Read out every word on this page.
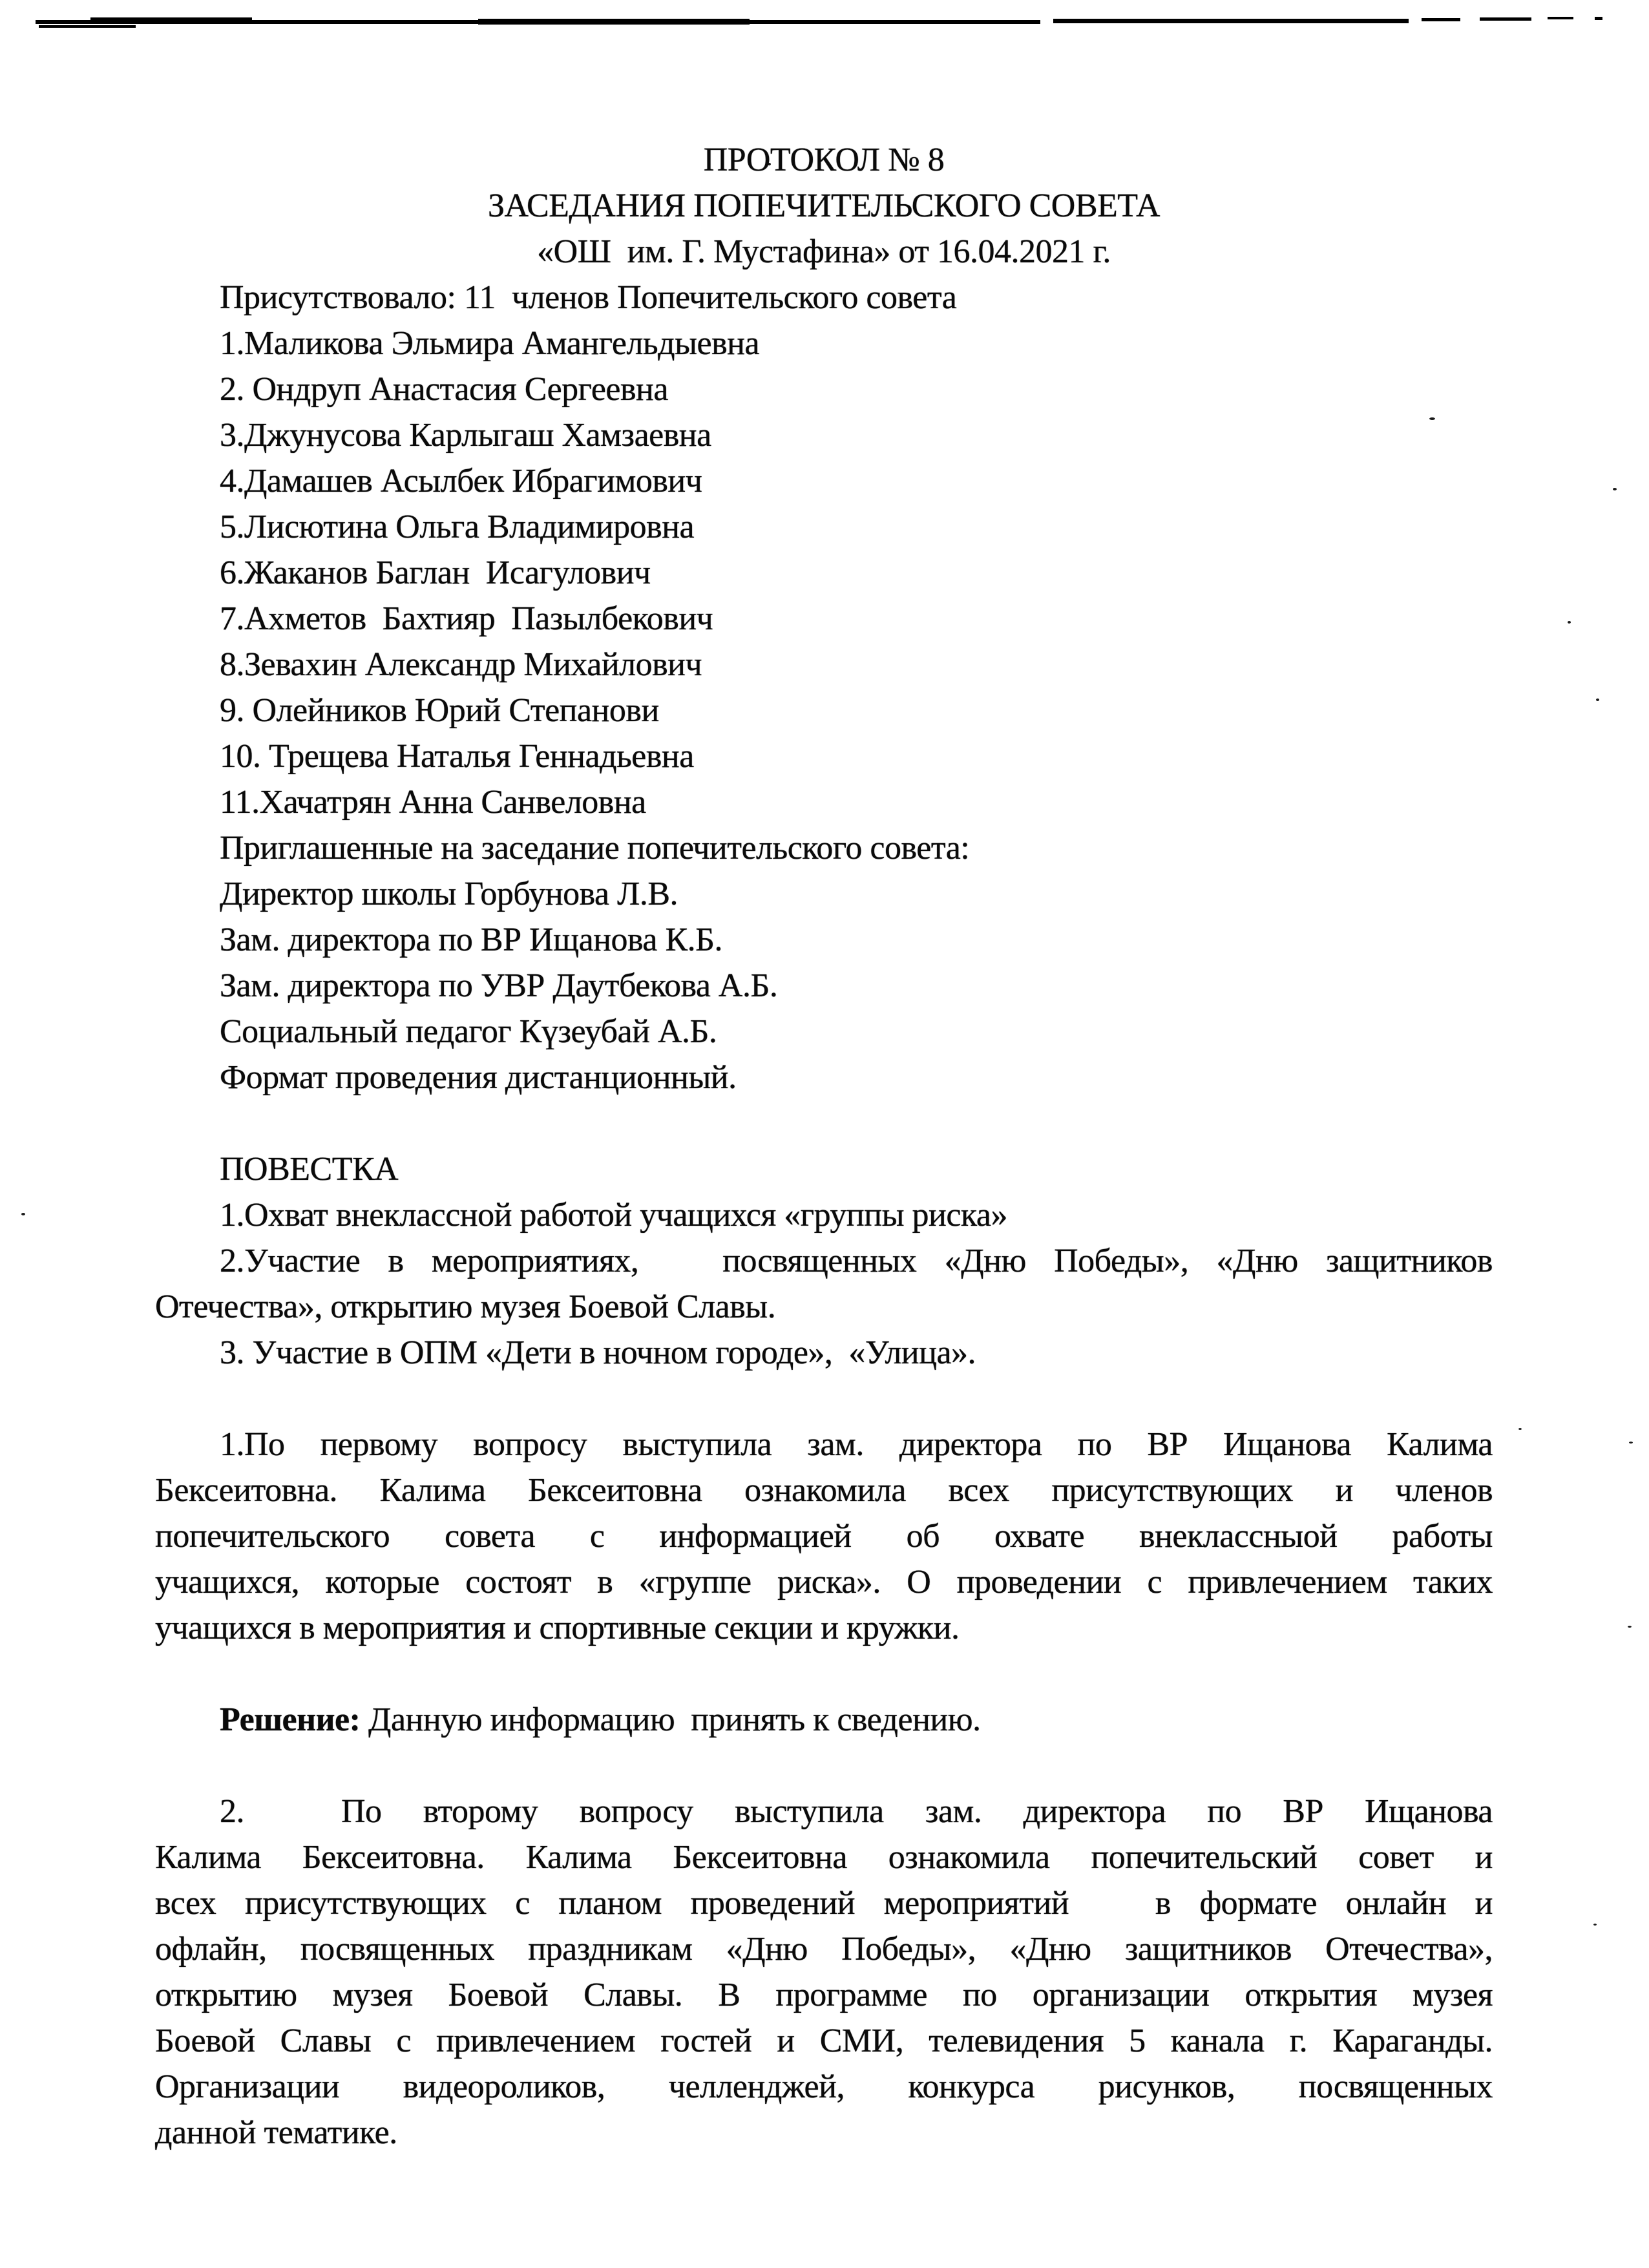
ПРОТОКОЛ № 8
ЗАСЕДАНИЯ ПОПЕЧИТЕЛЬСКОГО СОВЕТА
«ОШ  им. Г. Мустафина» от 16.04.2021 г.
Присутствовало: 11  членов Попечительского совета
1.Маликова Эльмира Амангельдыевна
2. Ондруп Анастасия Сергеевна
3.Джунусова Карлыгаш Хамзаевна
4.Дамашев Асылбек Ибрагимович
5.Лисютина Ольга Владимировна
6.Жаканов Баглан  Исагулович
7.Ахметов  Бахтияр  Пазылбекович
8.Зевахин Александр Михайлович
9. Олейников Юрий Степанови
10. Трещева Наталья Геннадьевна
11.Хачатрян Анна Санвеловна
Приглашенные на заседание попечительского совета:
Директор школы Горбунова Л.В.
Зам. директора по ВР Ищанова К.Б.
Зам. директора по УВР Даутбекова А.Б.
Социальный педагог Күзеубай А.Б.
Формат проведения дистанционный.
ПОВЕСТКА
1.Охват внеклассной работой учащихся «группы риска»
2.Участие в мероприятиях,   посвященных «Дню Победы», «Дню защитников
Отечества», открытию музея Боевой Славы.
3. Участие в ОПМ «Дети в ночном городе»,  «Улица».
1.По первому вопросу выступила зам. директора по ВР Ищанова Калима
Бексеитовна. Калима Бексеитовна ознакомила всех присутствующих и членов
попечительского совета с информацией об охвате внеклассныой работы
учащихся, которые состоят в «группе риска». О проведении с привлечением таких
учащихся в мероприятия и спортивные секции и кружки.
Решение: Данную информацию  принять к сведению.
2.	По второму вопросу выступила зам. директора по ВР Ищанова
Калима Бексеитовна. Калима Бексеитовна ознакомила попечительский совет и
всех присутствующих с планом проведений мероприятий   в формате онлайн и
офлайн, посвященных праздникам «Дню Победы», «Дню защитников Отечества»,
открытию музея Боевой Славы. В программе по организации открытия музея
Боевой Славы с привлечением гостей и СМИ, телевидения 5 канала г. Караганды.
Организации видеороликов, челленджей, конкурса рисунков, посвященных
данной тематике.
